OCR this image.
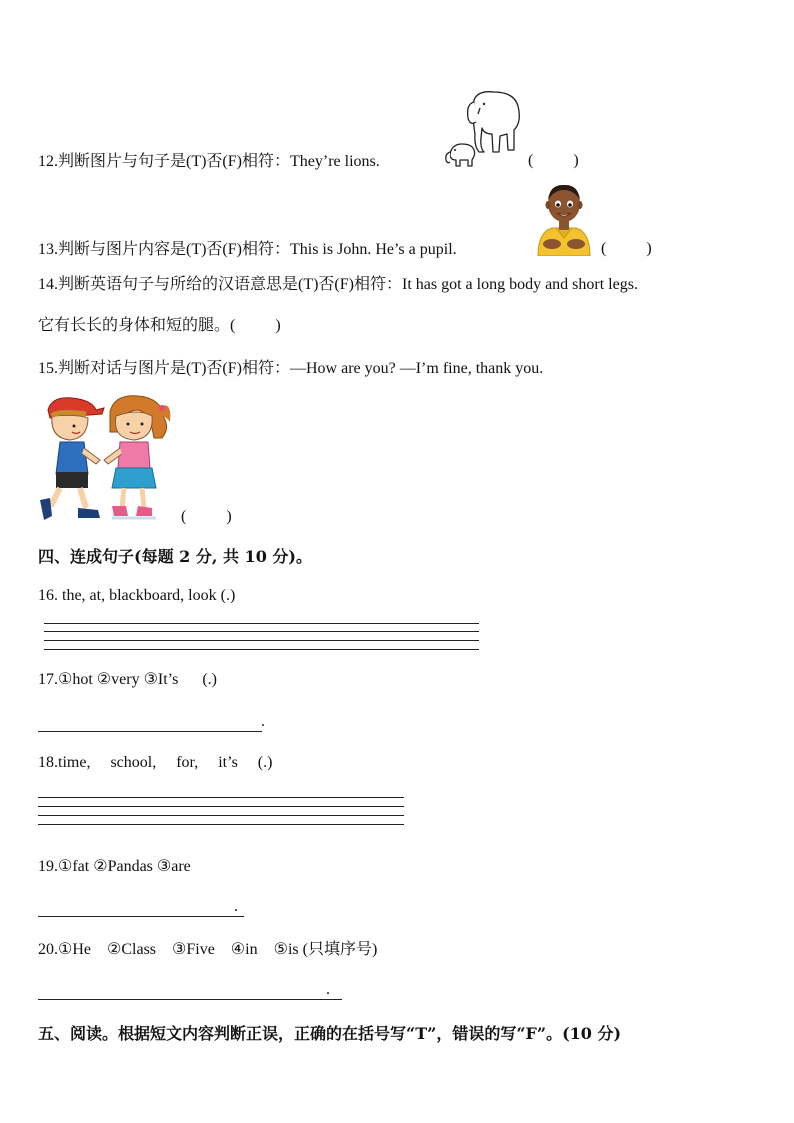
12.判断图片与句子是(T)否(F)相符：They’re lions.	(          )
13.判断与图片内容是(T)否(F)相符：This is John. He’s a pupil.	(          )
14.判断英语句子与所给的汉语意思是(T)否(F)相符：It has got a long body and short legs.
它有长长的身体和短的腿。(          )
15.判断对话与图片是(T)否(F)相符：—How are you? —I’m fine, thank you.
(          )
四、连成句子(每题 2 分, 共 10 分)。
16. the, at, blackboard, look (.)
17.①hot ②very ③It’s      (.)
.
18.time,     school,     for,     it’s     (.)
19.①fat ②Pandas ③are
.
20.①He    ②Class    ③Five    ④in    ⑤is (只填序号)
.
五、阅读。根据短文内容判断正误，正确的在括号写“T”，错误的写“F”。(10 分)
